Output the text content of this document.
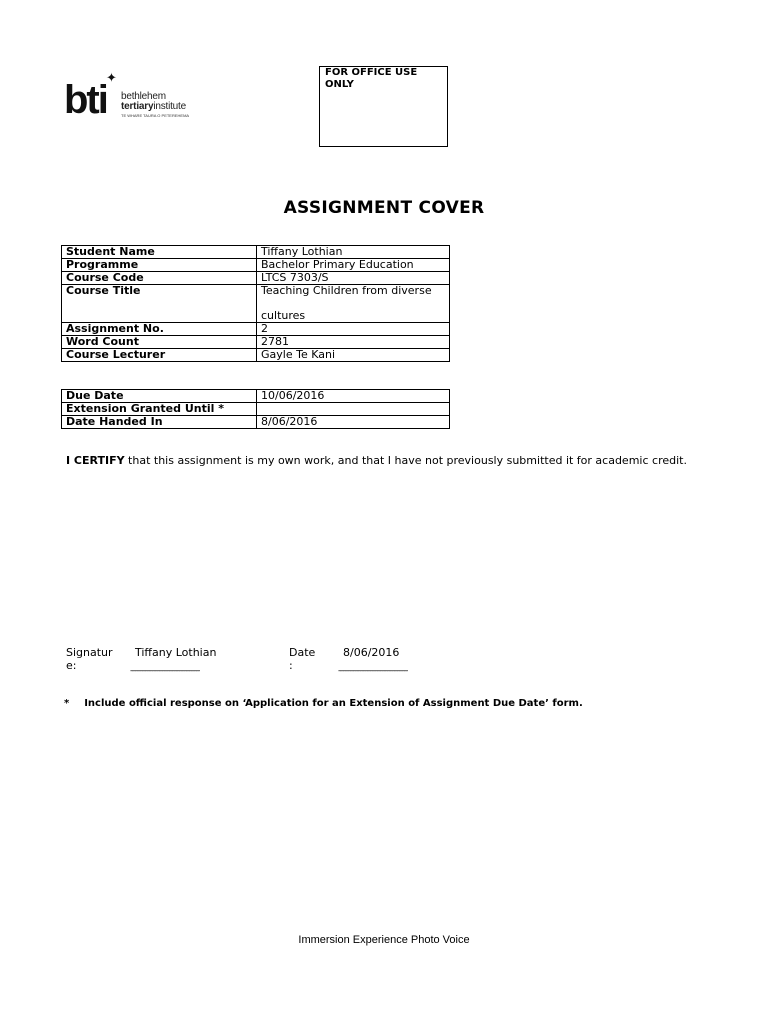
bti ✦
bethlehem
tertiaryinstitute
TE WHARE TAURA O PETEREHEMA
FOR OFFICE USE ONLY
ASSIGNMENT COVER
Student Name	Tiffany Lothian
Programme	Bachelor Primary Education
Course Code	LTCS 7303/S
Course Title	Teaching Children from diverse
cultures

Assignment No.	2
Word Count	2781
Course Lecturer	Gayle Te Kani
Due Date	10/06/2016
Extension Granted Until *	
Date Handed In	8/06/2016
I CERTIFY that this assignment is my own work, and that I have not previously submitted it for academic credit.
Signatur
e:
Tiffany Lothian
-----------------------------------------
Date
:
8/06/2016
-----------------------------------------
* Include official response on ‘Application for an Extension of Assignment Due Date’ form.
Immersion Experience Photo Voice
